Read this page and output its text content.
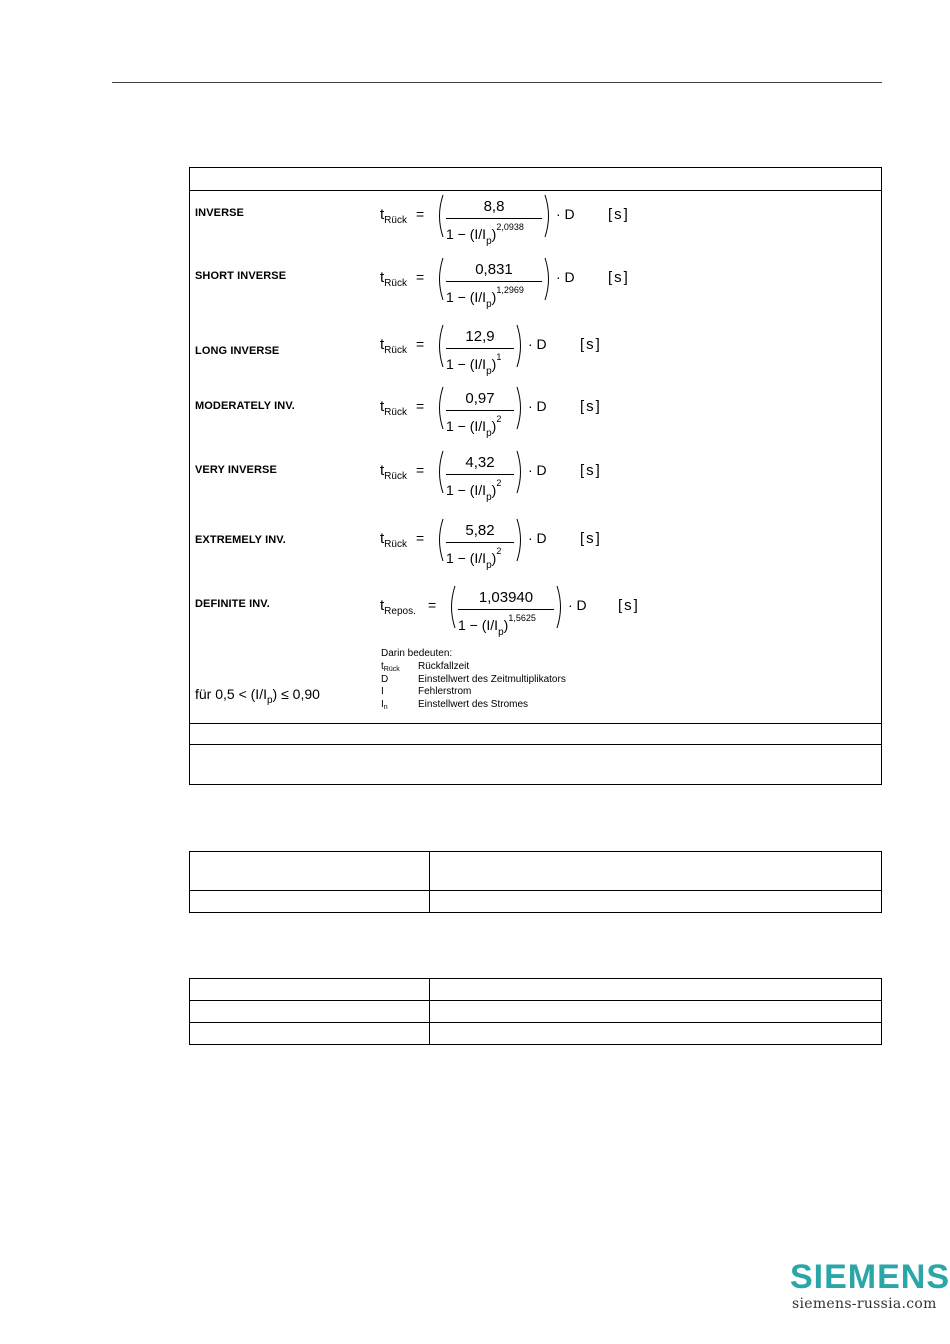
INVERSE	$t_{Rück}$ =	8,8
$1 - (I/I_p)^{2,0938}$
· D [s]
SHORT INVERSE	$t_{Rück}$ =	0,831
$1 - (I/I_p)^{1,2969}$
· D [s]
LONG INVERSE	$t_{Rück}$ =	12,9
$1 - (I/I_p)^1$
· D [s]
MODERATELY INV.	$t_{Rück}$ =	0,97
$1 - (I/I_p)^2$
· D [s]
VERY INVERSE	$t_{Rück}$ =	4,32
$1 - (I/I_p)^2$
· D [s]
EXTREMELY INV.	$t_{Rück}$ =	5,82
$1 - (I/I_p)^2$
· D [s]
DEFINITE INV.	$t_{Repos.}$ =	1,03940
$1 - (I/I_p)^{1,5625}$
· D [s]
für $0,5 < (I/I_p) \le 0,90$
Darin bedeuten:
$t_{Rück}$ Rückfallzeit
D	Einstellwert des Zeitmultiplikators
I	Fehlerstrom
$I_n$	Einstellwert des Stromes

SIEMENS
siemens-russia.com
